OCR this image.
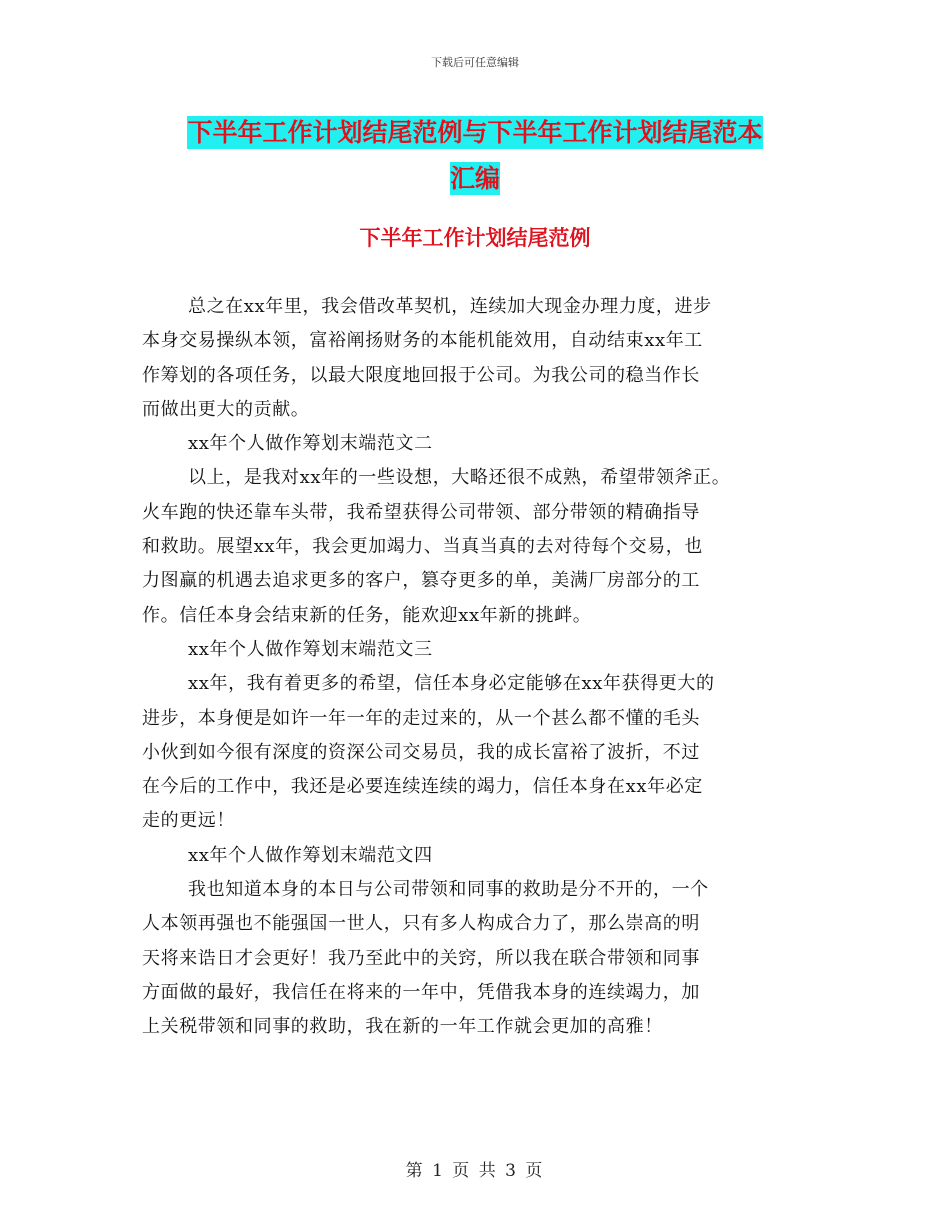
下载后可任意编辑
下半年工作计划结尾范例与下半年工作计划结尾范本
汇编
下半年工作计划结尾范例
总之在xx年里，我会借改革契机，连续加大现金办理力度，进步
本身交易操纵本领，富裕阐扬财务的本能机能效用，自动结束xx年工
作筹划的各项任务，以最大限度地回报于公司。为我公司的稳当作长
而做出更大的贡献。
xx年个人做作筹划末端范文二
以上，是我对xx年的一些设想，大略还很不成熟，希望带领斧正。
火车跑的快还靠车头带，我希望获得公司带领、部分带领的精确指导
和救助。展望xx年，我会更加竭力、当真当真的去对待每个交易，也
力图赢的机遇去追求更多的客户，篡夺更多的单，美满厂房部分的工
作。信任本身会结束新的任务，能欢迎xx年新的挑衅。
xx年个人做作筹划末端范文三
xx年，我有着更多的希望，信任本身必定能够在xx年获得更大的
进步，本身便是如许一年一年的走过来的，从一个甚么都不懂的毛头
小伙到如今很有深度的资深公司交易员，我的成长富裕了波折，不过
在今后的工作中，我还是必要连续连续的竭力，信任本身在xx年必定
走的更远！
xx年个人做作筹划末端范文四
我也知道本身的本日与公司带领和同事的救助是分不开的，一个
人本领再强也不能强国一世人，只有多人构成合力了，那么崇高的明
天将来诰日才会更好！我乃至此中的关窍，所以我在联合带领和同事
方面做的最好，我信任在将来的一年中，凭借我本身的连续竭力，加
上关税带领和同事的救助，我在新的一年工作就会更加的高雅！
第 1 页 共 3 页
